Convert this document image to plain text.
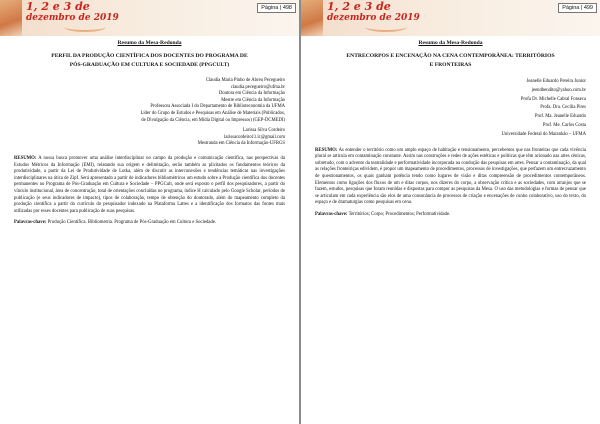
1, 2 e 3 de
dezembro de 2019
Página | 498
Resumo da Mesa-Redonda
PERFIL DA PRODUÇÃO CIENTÍFICA DOS DOCENTES DO PROGRAMA DE
PÓS-GRADUAÇÃO EM CULTURA E SOCIEDADE (PPGCULT)
Claudia Maria Pinho de Abreu Pecegueiro
claudia.pecegueiro@ufma.br
Doutora em Ciência da Informação
Mestre em Ciência da Informação
Professora Associada I do Departamento de Biblioteconomia da UFMA
Líder do Grupo de Estudos e Pesquisas em Análise de Materiais (Publicados,
de Divulgação da Ciência, em Mídia Digital ou Impressos) (GEP-DCMEDI)
Larissa Silva Cordeiro
larissacordeiro11.lc@gmail.com
Mestranda em Ciência da Informação-UFRGS
RESUMO: A nossa busca promover uma análise interdisciplinar no campo da produção e comunicação científica, nas perspectivas da Estudos Métricos da Informação (EMI), relatando sua origem e delimitação, serão também as plicitados os fundamentos teóricos da produtividade, a partir da Lei de Produtividade de Lotka, além de discutir as interconexões e tendências temáticas nas investigações interdisciplinares na ótica de Zipf. Será apresentado a partir de indicadores bibliométricos um estudo sobre a Produção científica dos docentes permanentes no Programa de Pós-Graduação em Cultura e Sociedade – PPGCult, onde será exposto o perfil dos pesquisadores, a partir do vínculo institucional, área de concentração, total de orientações concluídas no programa, índice H calculado pelo Google Scholar, períodos de publicação (e seus indicadores de impacto), tipos de colaboração, tempo de obtenção do doutorado, além do mapeamento completo da produção científica a partir do currículo do pesquisador indexado na Plataforma Lattes e a identificação dos formatos das fontes mais utilizadas por esses docentes para publicação de suas pesquisas.
Palavras-chave: Produção Científica. Bibliometria. Programa de Pós-Graduação em Cultura e Sociedade.
1, 2 e 3 de
dezembro de 2019
Página | 499
Resumo da Mesa-Redonda
ENTRECORPOS E ENCENAÇÃO NA CENA CONTEMPORÂNEA: TERRITÓRIOS
E FRONTEIRAS
Jeanelle Eduardo Pereira Junior
jeendbendito@yahoo.com.br
Profa Dr. Michelle Cabral Fonseca
Profa. Dra. Cecília Pires
Prof. Ma. Jeanelle Eduardo
Prof. Me. Carlos Costa
Universidade Federal do Maranhão – UFMA
RESUMO: As entender o território como um amplo espaço de habitação e tensionamento, percebemos que nas fronteiras que cada vivência plural se articula em contaminação constante. Assim nas construções e redes de ações estéticas e políticas que têm acionado nas artes cênicas, sobretudo, com o advento da teatralidade e performatividade incorporada na condução das pesquisas em artes. Pensar a contaminação, da qual as relações fronteiriças edividem, é propor um mapeamento de procedimentos, processos de investigações, que perfazem um entrecruzamento de questionamentos, os quais ganham potência tendo como lugares de visão e ditas compreensão de procedimentos contemporâneos. Elementos como ligações dos fluxos de um e ditas corpos, nos dizeres do corpo, a observação crítica e as sociedades, com arranjos que se fazem, estudos, pesquisas que foram reunidas e dispostas para compor as pesquisas da Mesa. O uso das metodologias e formas de pensar que se articulam em cada experiência são elos de uma consonância de processos de criação e encenações de cunho colaborativo, uso do texto, do espaço e de dramaturgias como pesquisas em cena.
Palavras-chave: Territórios; Corpo; Procedimentos; Performatividade.
